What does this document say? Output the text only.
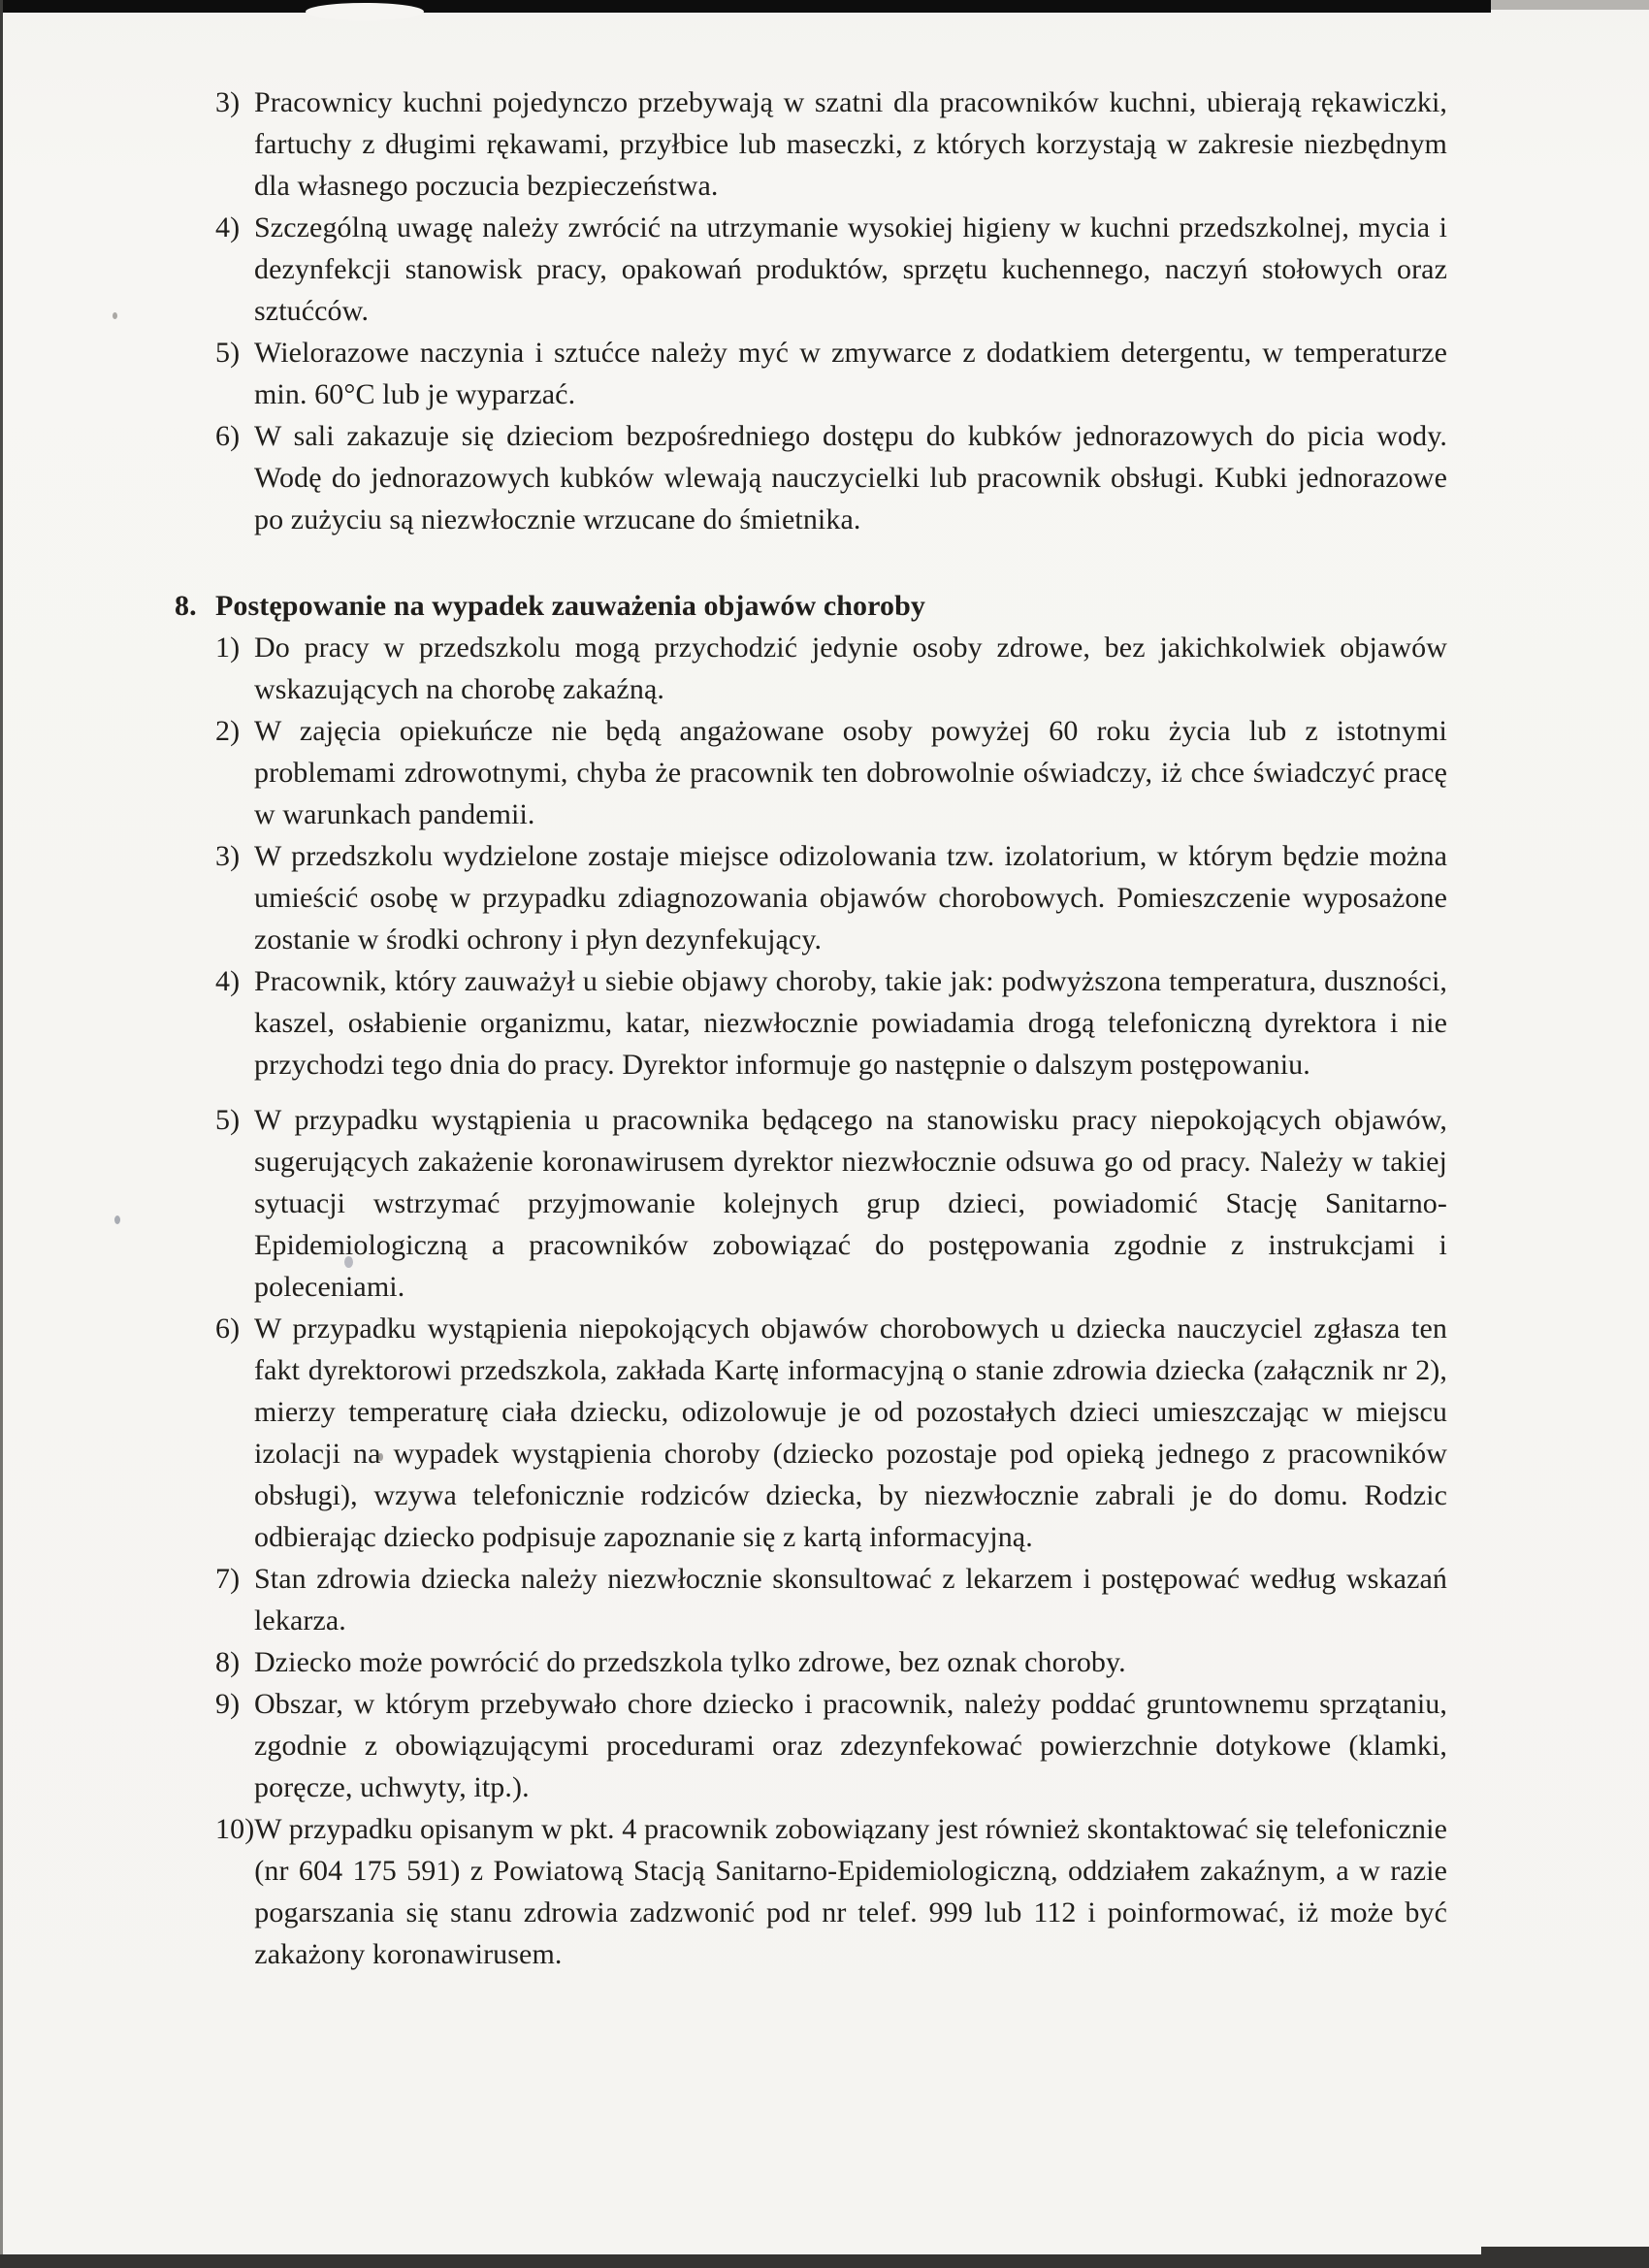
3) Pracownicy kuchni pojedynczo przebywają w szatni dla pracowników kuchni, ubierają rękawiczki, fartuchy z długimi rękawami, przyłbice lub maseczki, z których korzystają w zakresie niezbędnym dla własnego poczucia bezpieczeństwa.
4) Szczególną uwagę należy zwrócić na utrzymanie wysokiej higieny w kuchni przedszkolnej, mycia i dezynfekcji stanowisk pracy, opakowań produktów, sprzętu kuchennego, naczyń stołowych oraz sztućców.
5) Wielorazowe naczynia i sztućce należy myć w zmywarce z dodatkiem detergentu, w temperaturze min. 60°C lub je wyparzać.
6) W sali zakazuje się dzieciom bezpośredniego dostępu do kubków jednorazowych do picia wody. Wodę do jednorazowych kubków wlewają nauczycielki lub pracownik obsługi. Kubki jednorazowe po zużyciu są niezwłocznie wrzucane do śmietnika.
8. Postępowanie na wypadek zauważenia objawów choroby
1) Do pracy w przedszkolu mogą przychodzić jedynie osoby zdrowe, bez jakichkolwiek objawów wskazujących na chorobę zakaźną.
2) W zajęcia opiekuńcze nie będą angażowane osoby powyżej 60 roku życia lub z istotnymi problemami zdrowotnymi, chyba że pracownik ten dobrowolnie oświadczy, iż chce świadczyć pracę w warunkach pandemii.
3) W przedszkolu wydzielone zostaje miejsce odizolowania tzw. izolatorium, w którym będzie można umieścić osobę w przypadku zdiagnozowania objawów chorobowych. Pomieszczenie wyposażone zostanie w środki ochrony i płyn dezynfekujący.
4) Pracownik, który zauważył u siebie objawy choroby, takie jak: podwyższona temperatura, duszności, kaszel, osłabienie organizmu, katar, niezwłocznie powiadamia drogą telefoniczną dyrektora i nie przychodzi tego dnia do pracy. Dyrektor informuje go następnie o dalszym postępowaniu.
5) W przypadku wystąpienia u pracownika będącego na stanowisku pracy niepokojących objawów, sugerujących zakażenie koronawirusem dyrektor niezwłocznie odsuwa go od pracy. Należy w takiej sytuacji wstrzymać przyjmowanie kolejnych grup dzieci, powiadomić Stację Sanitarno-Epidemiologiczną a pracowników zobowiązać do postępowania zgodnie z instrukcjami i poleceniami.
6) W przypadku wystąpienia niepokojących objawów chorobowych u dziecka nauczyciel zgłasza ten fakt dyrektorowi przedszkola, zakłada Kartę informacyjną o stanie zdrowia dziecka (załącznik nr 2), mierzy temperaturę ciała dziecku, odizolowuje je od pozostałych dzieci umieszczając w miejscu izolacji na wypadek wystąpienia choroby (dziecko pozostaje pod opieką jednego z pracowników obsługi), wzywa telefonicznie rodziców dziecka, by niezwłocznie zabrali je do domu. Rodzic odbierając dziecko podpisuje zapoznanie się z kartą informacyjną.
7) Stan zdrowia dziecka należy niezwłocznie skonsultować z lekarzem i postępować według wskazań lekarza.
8) Dziecko może powrócić do przedszkola tylko zdrowe, bez oznak choroby.
9) Obszar, w którym przebywało chore dziecko i pracownik, należy poddać gruntownemu sprzątaniu, zgodnie z obowiązującymi procedurami oraz zdezynfekować powierzchnie dotykowe (klamki, poręcze, uchwyty, itp.).
10) W przypadku opisanym w pkt. 4 pracownik zobowiązany jest również skontaktować się telefonicznie (nr 604 175 591) z Powiatową Stacją Sanitarno-Epidemiologiczną, oddziałem zakaźnym, a w razie pogarszania się stanu zdrowia zadzwonić pod nr telef. 999 lub 112 i poinformować, iż może być zakażony koronawirusem.
